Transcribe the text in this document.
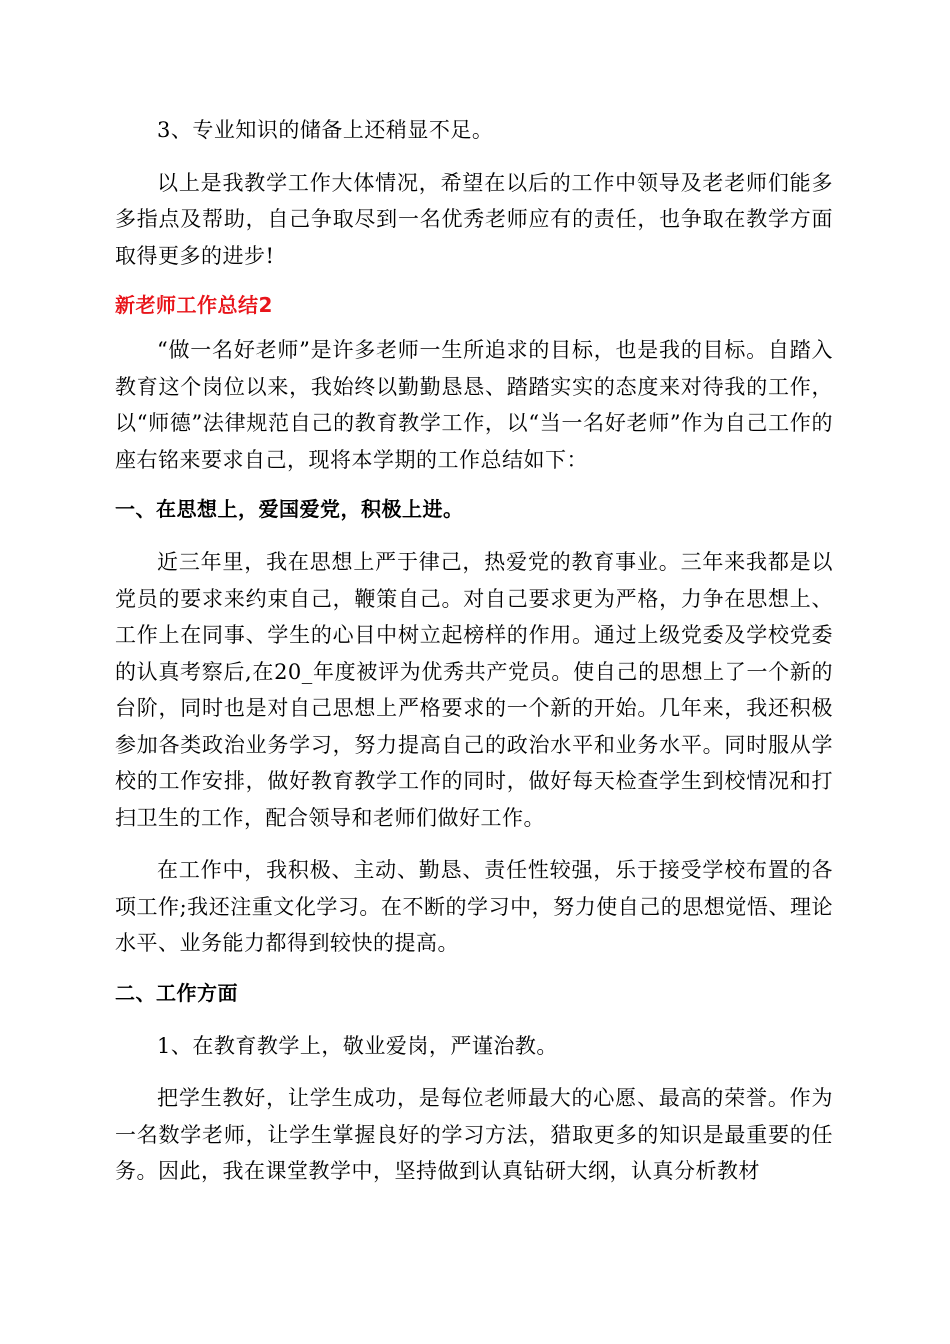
3、专业知识的储备上还稍显不足。

以上是我教学工作大体情况，希望在以后的工作中领导及老老师们能多多指点及帮助，自己争取尽到一名优秀老师应有的责任，也争取在教学方面取得更多的进步!

新老师工作总结2

“做一名好老师”是许多老师一生所追求的目标，也是我的目标。自踏入教育这个岗位以来，我始终以勤勤恳恳、踏踏实实的态度来对待我的工作，以“师德”法律规范自己的教育教学工作，以“当一名好老师”作为自己工作的座右铭来要求自己，现将本学期的工作总结如下：

一、在思想上，爱国爱党，积极上进。

近三年里，我在思想上严于律己，热爱党的教育事业。三年来我都是以党员的要求来约束自己，鞭策自己。对自己要求更为严格，力争在思想上、工作上在同事、学生的心目中树立起榜样的作用。通过上级党委及学校党委的认真考察后,在20_年度被评为优秀共产党员。使自己的思想上了一个新的台阶，同时也是对自己思想上严格要求的一个新的开始。几年来，我还积极参加各类政治业务学习，努力提高自己的政治水平和业务水平。同时服从学校的工作安排，做好教育教学工作的同时，做好每天检查学生到校情况和打扫卫生的工作，配合领导和老师们做好工作。

在工作中，我积极、主动、勤恳、责任性较强，乐于接受学校布置的各项工作;我还注重文化学习。在不断的学习中，努力使自己的思想觉悟、理论水平、业务能力都得到较快的提高。

二、工作方面

1、在教育教学上，敬业爱岗，严谨治教。

把学生教好，让学生成功，是每位老师最大的心愿、最高的荣誉。作为一名数学老师，让学生掌握良好的学习方法，猎取更多的知识是最重要的任务。因此，我在课堂教学中，坚持做到认真钻研大纲，认真分析教材
